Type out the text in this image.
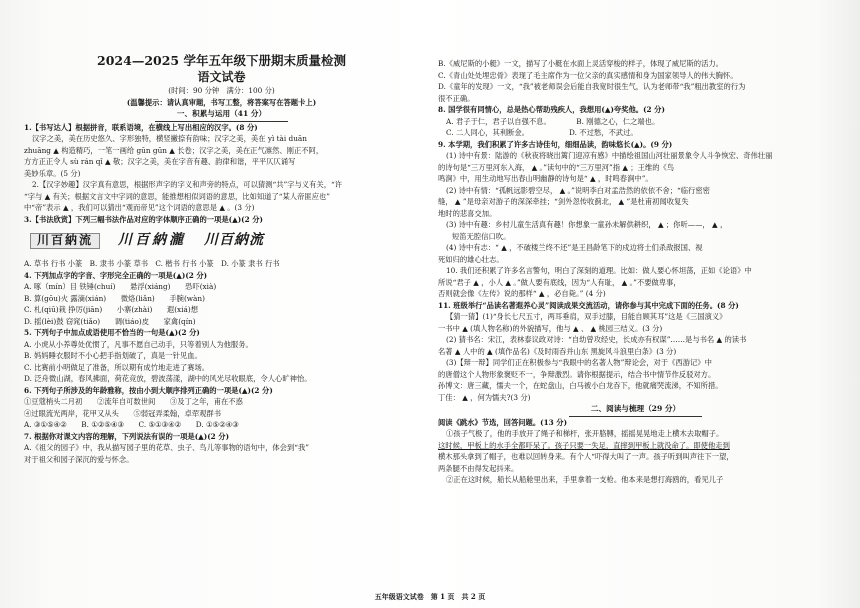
2024—2025 学年五年级下册期末质量检测
语文试卷
(时间：90 分钟　满分：100 分)
(温馨提示：请认真审题，书写工整，将答案写在答题卡上)
一、积累与运用（41 分）
1.【书写达人】根据拼音，联系语境，在横线上写出相应的汉字。(8 分)
汉字之美，美在历史悠久、字形独特，横竖撇捺有韵味；汉字之美，美在 yì tài duān
zhuāng ▲ 构造精巧，一笔一画给 gūn gūn ▲ 长卷；汉字之美，美在正气凛然、刚正不阿，
方方正正令人 sù rán qǐ ▲ 敬；汉字之美，美在字音有趣、韵律和谐，平平仄仄诵写
美妙乐章。(5 分)
2.【汉字妙趣】汉字真有意思，根据形声字的字义和声旁的特点，可以猜测“共”字与义有关，“许
“字与 ▲ 有关；根据文言文中字词的意思，能推想相似词语的意思，比如知道了“某人帝匪应也”
中“帝”表示 ▲ ，我们可以猜出“观而帝见”这个词语的意思是 ▲ 。(3 分)
3.【书法欣赏】下列三幅书法作品对应的字体顺序正确的一项是(▲)(2 分)
川百納流	川百納瀧 川百納流
A. 草书 行书 小篆　B. 隶书 小篆 草书　C. 楷书 行书 小篆　D. 小篆 隶书 行书
4. 下列加点字的字音、字形完全正确的一项是(▲)(2 分)
A. 啄（mín）目 铁锤(chuí)　　悬浮(xiáng)　　恐吓(xià)
B. 算(gōu)火 露滴(xián)　　微烙(liǎn)　　手腕(wàn)
C. 札(qiū)栽 挣厉(jiān)　　小寨(zhài)　　遐(xiá)想
D. 摇(lèi)鼓 窃窕(tiǎo)　　调(tiáo)皮　　家禽(qín)
5. 下列句子中加点成语使用不恰当的一句是(▲)(2 分)
A. 小虎从小养尊处优惯了，凡事不愿自己动手，只等着别人为他服务。
B. 妈妈睡衣服时不小心把手指划破了，真是一针见血。
C. 比赛前小明做足了准备，所以期有成竹地走进了赛场。
D. 泛舟微山湖，春风拂面，荷花竞放，碧波荡漾，湖中的风光尽收眼底，令人心旷神怡。
6. 下列句子所涉及的年龄雅称，按由小到大顺序排列正确的一项是(▲)(2 分)
①豆蔻梢头二月初　　②流年自可数世间　　③及丁之年，甫在不惑
④过眼流光两岸，花甲又从头　　⑤弱冠弄柔翰，卓荦观群书
A. ③①⑤④②　　B. ①②⑤④③　　C. ⑤①③④②　　D. ①⑤②④③
7. 根据你对课文内容的理解，下列说法有误的一项是(▲)(2 分)
A.《祖父的园子》中，我从描写园子里的花草、虫子、鸟儿等事物的语句中，体会到“我”
对于祖父和园子深沉的爱与怀念。
B.《威尼斯的小艇》一文，描写了小艇在水面上灵活穿梭的样子，体现了威尼斯的活力。
C.《青山处处埋忠骨》表现了毛主席作为一位父亲的真实感情和身为国家领导人的伟大胸怀。
D.《童年的发现》一文，“我”被老师误会后能自我宽时很生气，认为老师带“我”粗出教室的行为
很不正确。
8. 国学很有同情心，总是热心帮助残疾人，我想用(▲)夸奖他。(2 分)
A. 君子于仁，君子以自强不息。　　　　B. 刚德之心，仁之端也。
C. 二人同心，其利断金。　　　　　　D. 不过愁，不武过。
9. 本学期，我们积累了许多古诗佳句，细细品读，韵味悠长(▲)。(9 分)
(1) 诗中有景：陆游的《秋夜将晓出篱门迎凉有感》中描绘祖国山河壮丽景象令人斗争恢宏、奇伟壮丽
的诗句是“三万里河东入海， ▲ 。”读句中的“三万里河”指 ▲ ；王维的《鸟
鸣涧》中，用生动地写出春山明幽静的诗句是“ ▲ ，时鸣春涧中”。
(2) 诗中有情：“孤帆远影碧空尽， ▲ 。”说明李白对孟浩然的依依不舍；“临行密密
缝， ▲ ”是母亲对游子的深深牵挂；“剑外忽传收蓟北， ▲ ”是杜甫初闻收复失
地时的悲喜交加。
(3) 诗中有趣：乡村儿童生活真有趣！你想象一童孙未解供耕织， ▲ ；你听——， ▲ ，
短笛无腔信口吹。
(4) 诗中有志：“ ▲ ，不破楼兰终不还”是王昌龄笔下的戍边将士们杀敌报国、视
死如归的雄心壮志。
10. 我们还积累了许多名言警句，明白了深刻的道理。比如：做人要心怀坦荡，正如《论语》中
所说“君子 ▲ ，小人 ▲ 。”做人要有底线，因为“人有耻， ▲ 。”不要做卑事，
否则就会像《左传》说的那样“ ▲ ，必自毙。” (4 分)
11. 班级举行“品读名著遐养心灵”阅读成果交流活动，请你参与其中完成下面的任务。(8 分)
【猜一猜】(1)“身长七尺五寸，两耳垂肩，双手过膝，目能自顾其耳”这是《三国演义》
一书中 ▲ (填人物名称)的外貌描写，他与 ▲ 、 ▲ 桃园三结义。(3 分)
(2) 猜书名：宋江，表林泰议政对诗：“自幼曾攻经史，长成亦有权谋”……是与书名 ▲ 的读书
名著 ▲ 人中的 ▲ (填作品名)《及时雨吞并山东 黑旋风斗浪里白条》(3 分)
(3)【辩一辩】同学们正在积极参与“我眼中的名著人物”辩论会，对于《西游记》中
的唐僧这个人物形象褒贬不一，争辩激烈。请你根据提示，结合书中情节作反驳对方。
孙博文：唐三藏，懦夫一个，在蛇盘山，白马被小白龙吞下，他就痛哭流涕，不知所措。
丁佳： ▲ ，何为懦夫?(3 分)
二、阅读与梳理（29 分）
阅读《跳水》节选，回答问题。(13 分)
①孩子气极了，他的手放开了绳子和梯杆，张开胳膊，摇摇晃晃地走上横木去取帽子。
这时候，甲板上的水手全都吓呆了。孩子只要一失足，直摔到甲板上就没命了。即使他走到
横木那头拿到了帽子，也难以回转身来。有个人“吓得大叫了一声。孩子听到叫声往下一望，
两条腿不由得发起抖来。
②正在这时候，船长从船舱里出来，手里拿着一支枪。他本来是想打海鸥的，看见儿子
五年级语文试卷　第 1 页　共 2 页
